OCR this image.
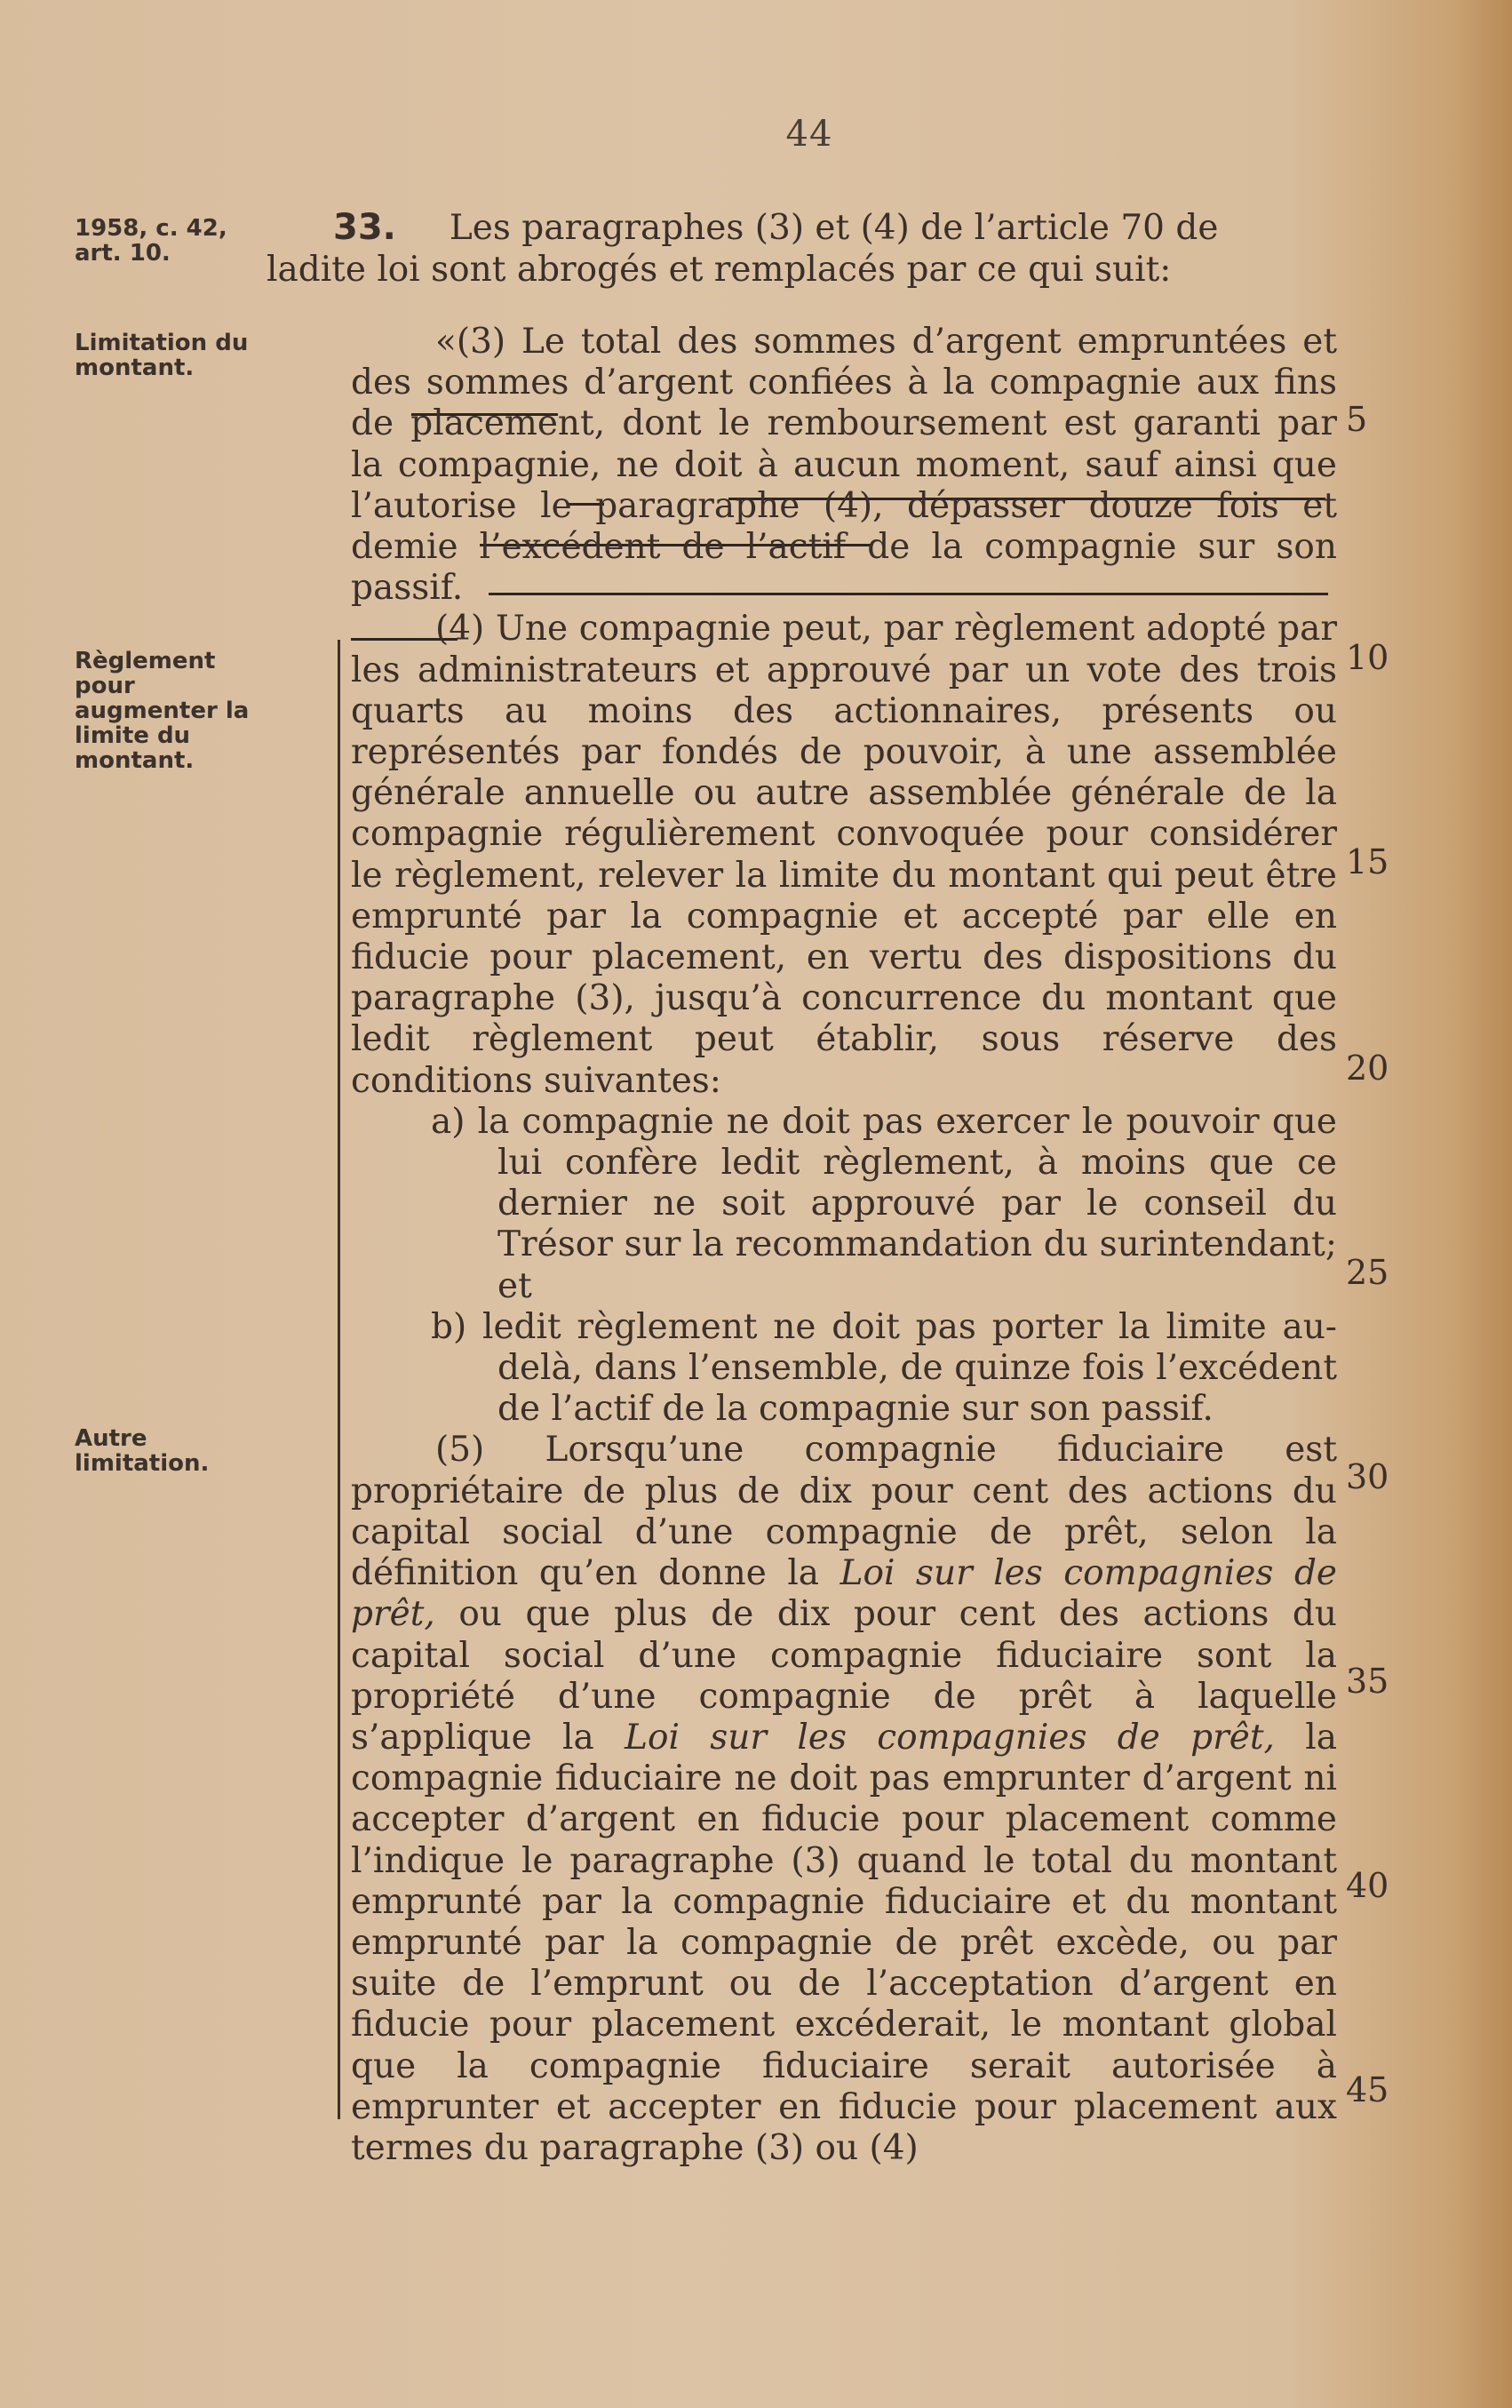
44
1958, c. 42, art. 10.
Limitation du montant.
Règlement pour augmenter la limite du montant.
Autre limitation.
33. Les paragraphes (3) et (4) de l’article 70 de
ladite loi sont abrogés et remplacés par ce qui suit:

«(3) Le total des sommes d’argent empruntées et des sommes d’argent confiées à la compagnie aux fins de placement, dont le remboursement est garanti par la compagnie, ne doit à aucun moment, sauf ainsi que l’autorise le paragraphe (4), dépasser douze fois et demie l’excédent de l’actif de la compagnie sur son passif.

(4) Une compagnie peut, par règlement adopté par les administrateurs et approuvé par un vote des trois quarts au moins des actionnaires, présents ou représentés par fondés de pouvoir, à une assemblée générale annuelle ou autre assemblée générale de la compagnie régulièrement convoquée pour considérer le règlement, relever la limite du montant qui peut être emprunté par la compagnie et accepté par elle en fiducie pour placement, en vertu des dispositions du paragraphe (3), jusqu’à concurrence du montant que ledit règlement peut établir, sous réserve des conditions suivantes:

a) la compagnie ne doit pas exercer le pouvoir que lui confère ledit règlement, à moins que ce dernier ne soit approuvé par le conseil du Trésor sur la recommandation du surintendant; et

b) ledit règlement ne doit pas porter la limite au-delà, dans l’ensemble, de quinze fois l’excédent de l’actif de la compagnie sur son passif.

(5) Lorsqu’une compagnie fiduciaire est propriétaire de plus de dix pour cent des actions du capital social d’une compagnie de prêt, selon la définition qu’en donne la Loi sur les compagnies de prêt, ou que plus de dix pour cent des actions du capital social d’une compagnie fiduciaire sont la propriété d’une compagnie de prêt à laquelle s’applique la Loi sur les compagnies de prêt, la compagnie fiduciaire ne doit pas emprunter d’argent ni accepter d’argent en fiducie pour placement comme l’indique le paragraphe (3) quand le total du montant emprunté par la compagnie fiduciaire et du montant emprunté par la compagnie de prêt excède, ou par suite de l’emprunt ou de l’acceptation d’argent en fiducie pour placement excéderait, le montant global que la compagnie fiduciaire serait autorisée à emprunter et accepter en fiducie pour placement aux termes du paragraphe (3) ou (4)

5
10
15
20
25
30
35
40
45
